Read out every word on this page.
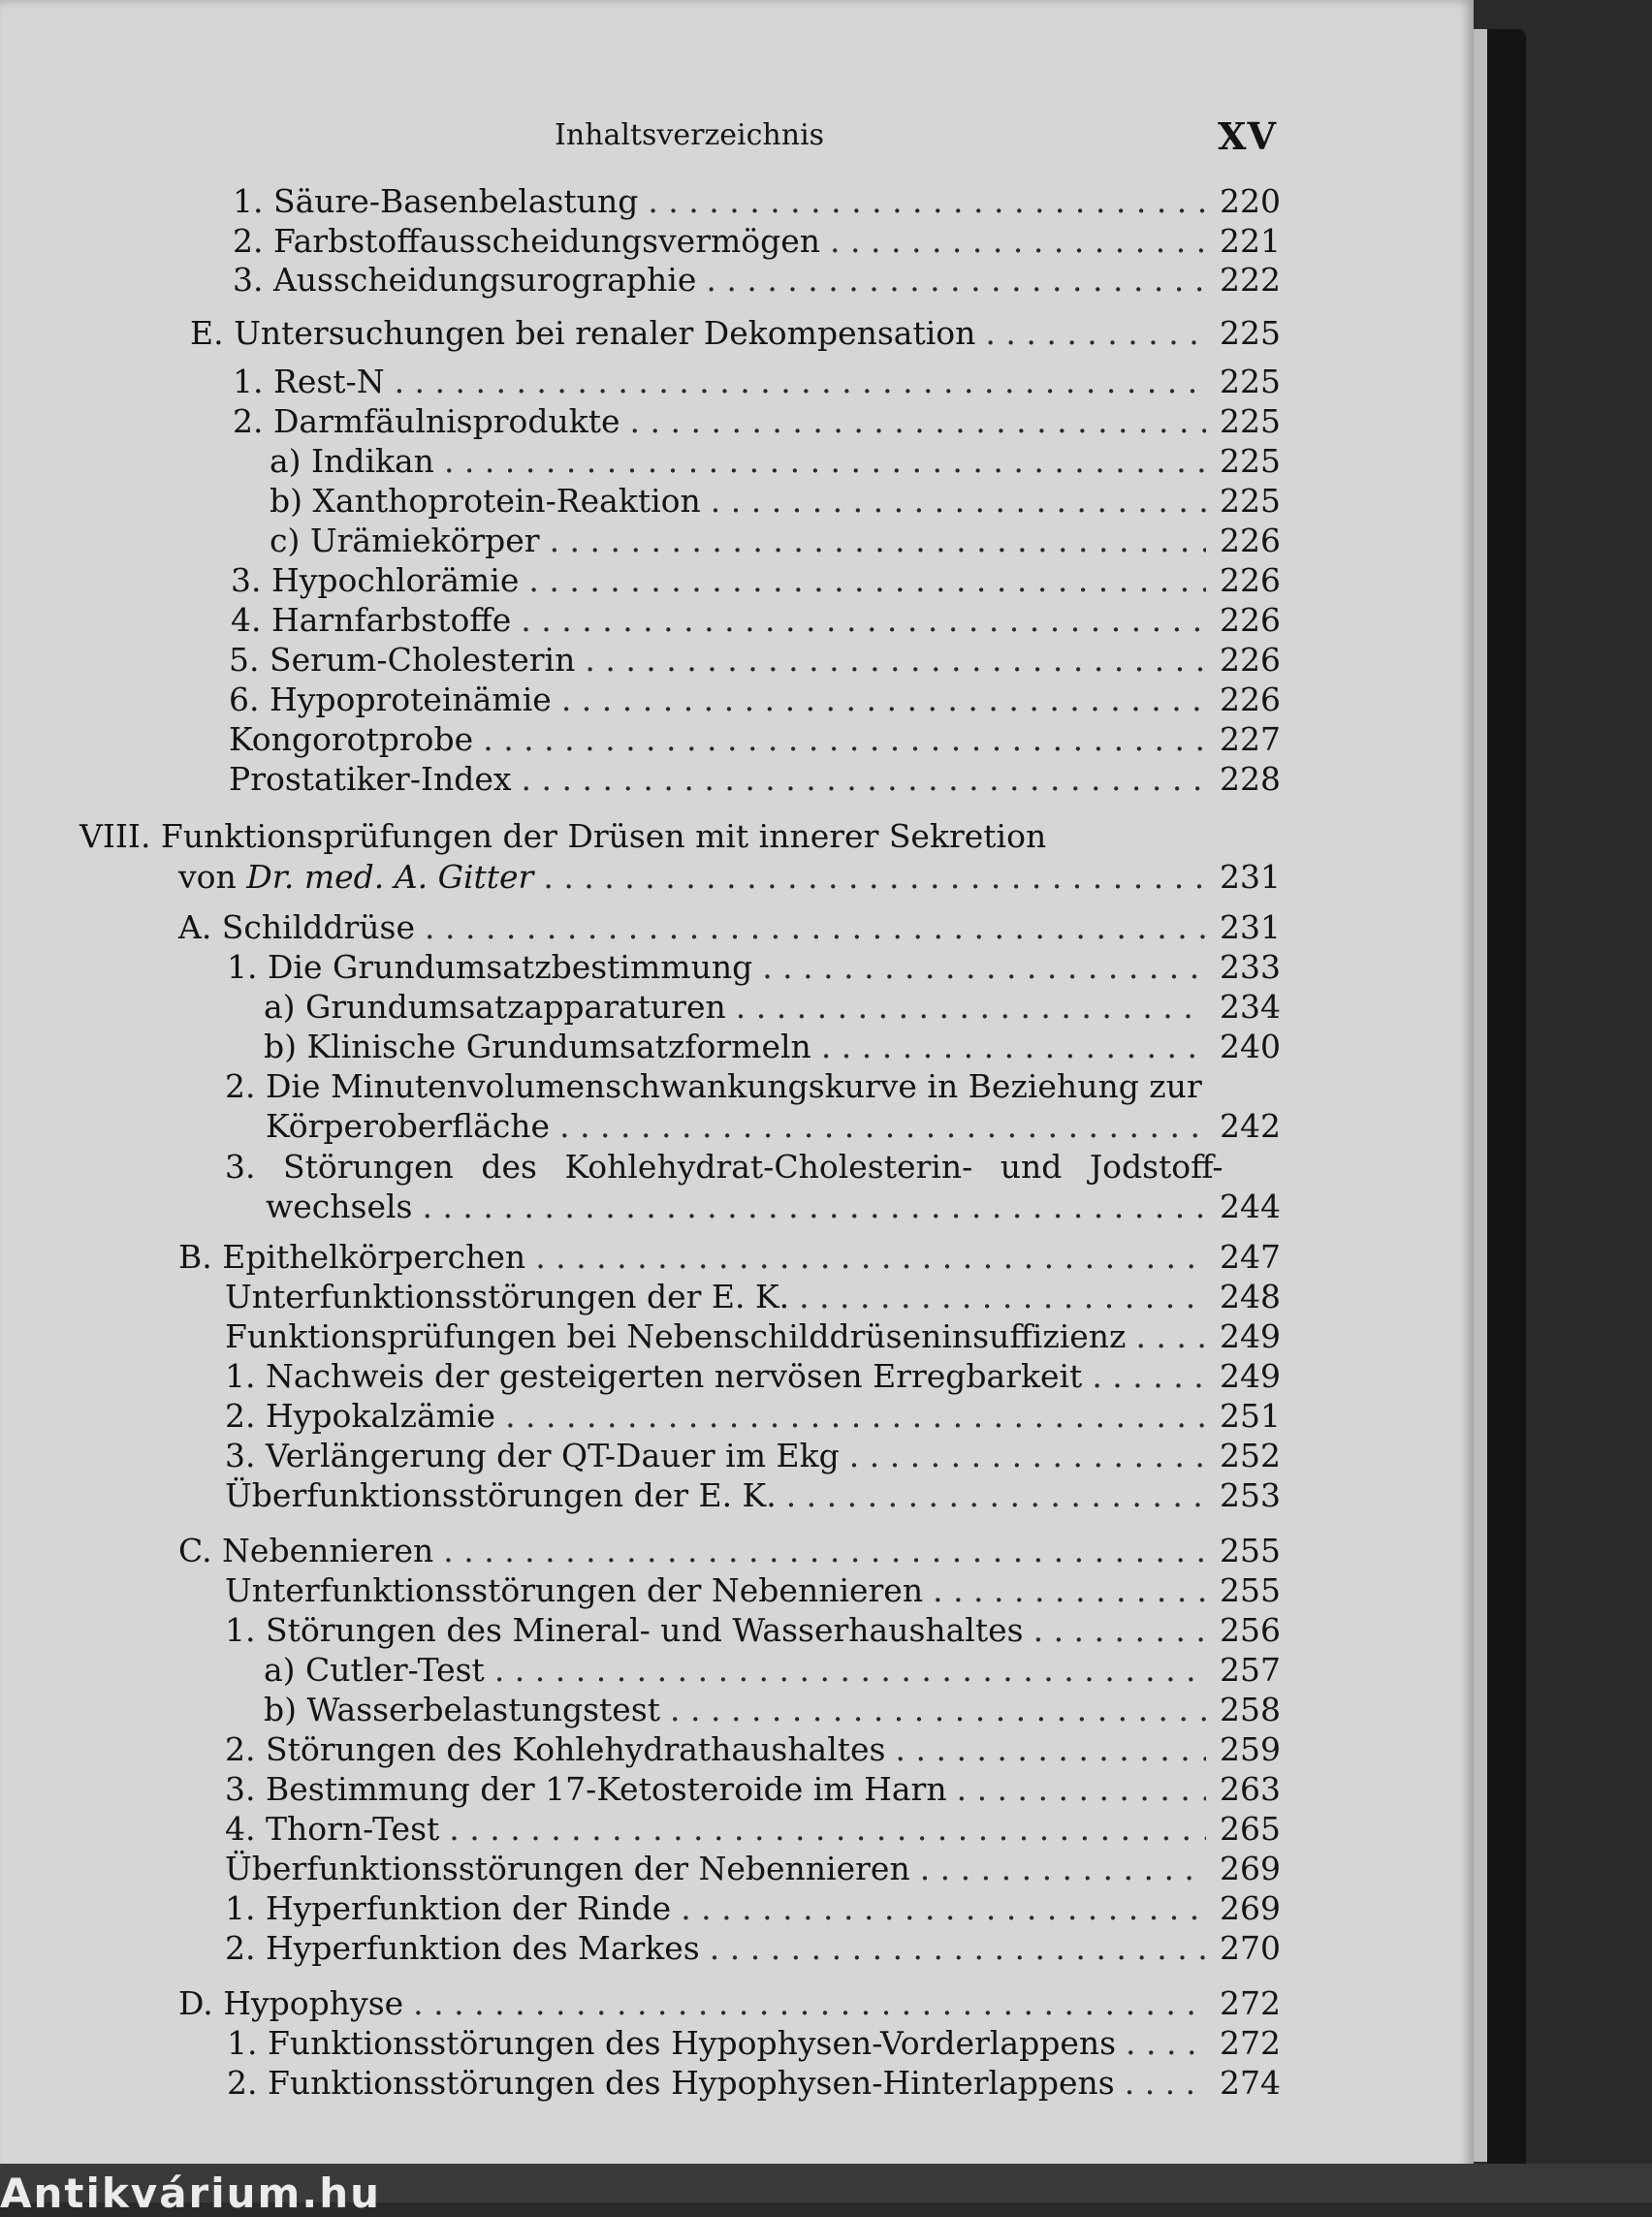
Antikvárium.hu
Inhaltsverzeichnis	XV
1. Säure-Basenbelastung . . .	220
2. Farbstoffausscheidungsvermögen . . .	221
3. Ausscheidungsurographie . . .	222
E. Untersuchungen bei renaler Dekompensation . . .	225
1. Rest-N . . .	225
2. Darmfäulnisprodukte . . .	225
a) Indikan . . .	225
b) Xanthoprotein-Reaktion . . .	225
c) Urämiekörper . . .	226
3. Hypochlorämie . . .	226
4. Harnfarbstoffe . . .	226
5. Serum-Cholesterin . . .	226
6. Hypoproteinämie . . .	226
Kongorotprobe . . .	227
Prostatiker-Index . . .	228
VIII. Funktionsprüfungen der Drüsen mit innerer Sekretion
von Dr. med. A. Gitter . . .	231
A. Schilddrüse . . .	231
1. Die Grundumsatzbestimmung . . .	233
a) Grundumsatzapparaturen . . .	234
b) Klinische Grundumsatzformeln . . .	240
2. Die Minutenvolumenschwankungskurve in Beziehung zur
Körperoberfläche . . .	242
3. Störungen des Kohlehydrat-Cholesterin- und Jodstoff-
wechsels . . .	244
B. Epithelkörperchen . . .	247
Unterfunktionsstörungen der E. K. . . .	248
Funktionsprüfungen bei Nebenschilddrüseninsuffizienz . . .	249
1. Nachweis der gesteigerten nervösen Erregbarkeit . . .	249
2. Hypokalzämie . . .	251
3. Verlängerung der QT-Dauer im Ekg . . .	252
Überfunktionsstörungen der E. K. . . .	253
C. Nebennieren . . .	255
Unterfunktionsstörungen der Nebennieren . . .	255
1. Störungen des Mineral- und Wasserhaushaltes . . .	256
a) Cutler-Test . . .	257
b) Wasserbelastungstest . . .	258
2. Störungen des Kohlehydrathaushaltes . . .	259
3. Bestimmung der 17-Ketosteroide im Harn . . .	263
4. Thorn-Test . . .	265
Überfunktionsstörungen der Nebennieren . . .	269
1. Hyperfunktion der Rinde . . .	269
2. Hyperfunktion des Markes . . .	270
D. Hypophyse . . .	272
1. Funktionsstörungen des Hypophysen-Vorderlappens . . .	272
2. Funktionsstörungen des Hypophysen-Hinterlappens . . .	274
